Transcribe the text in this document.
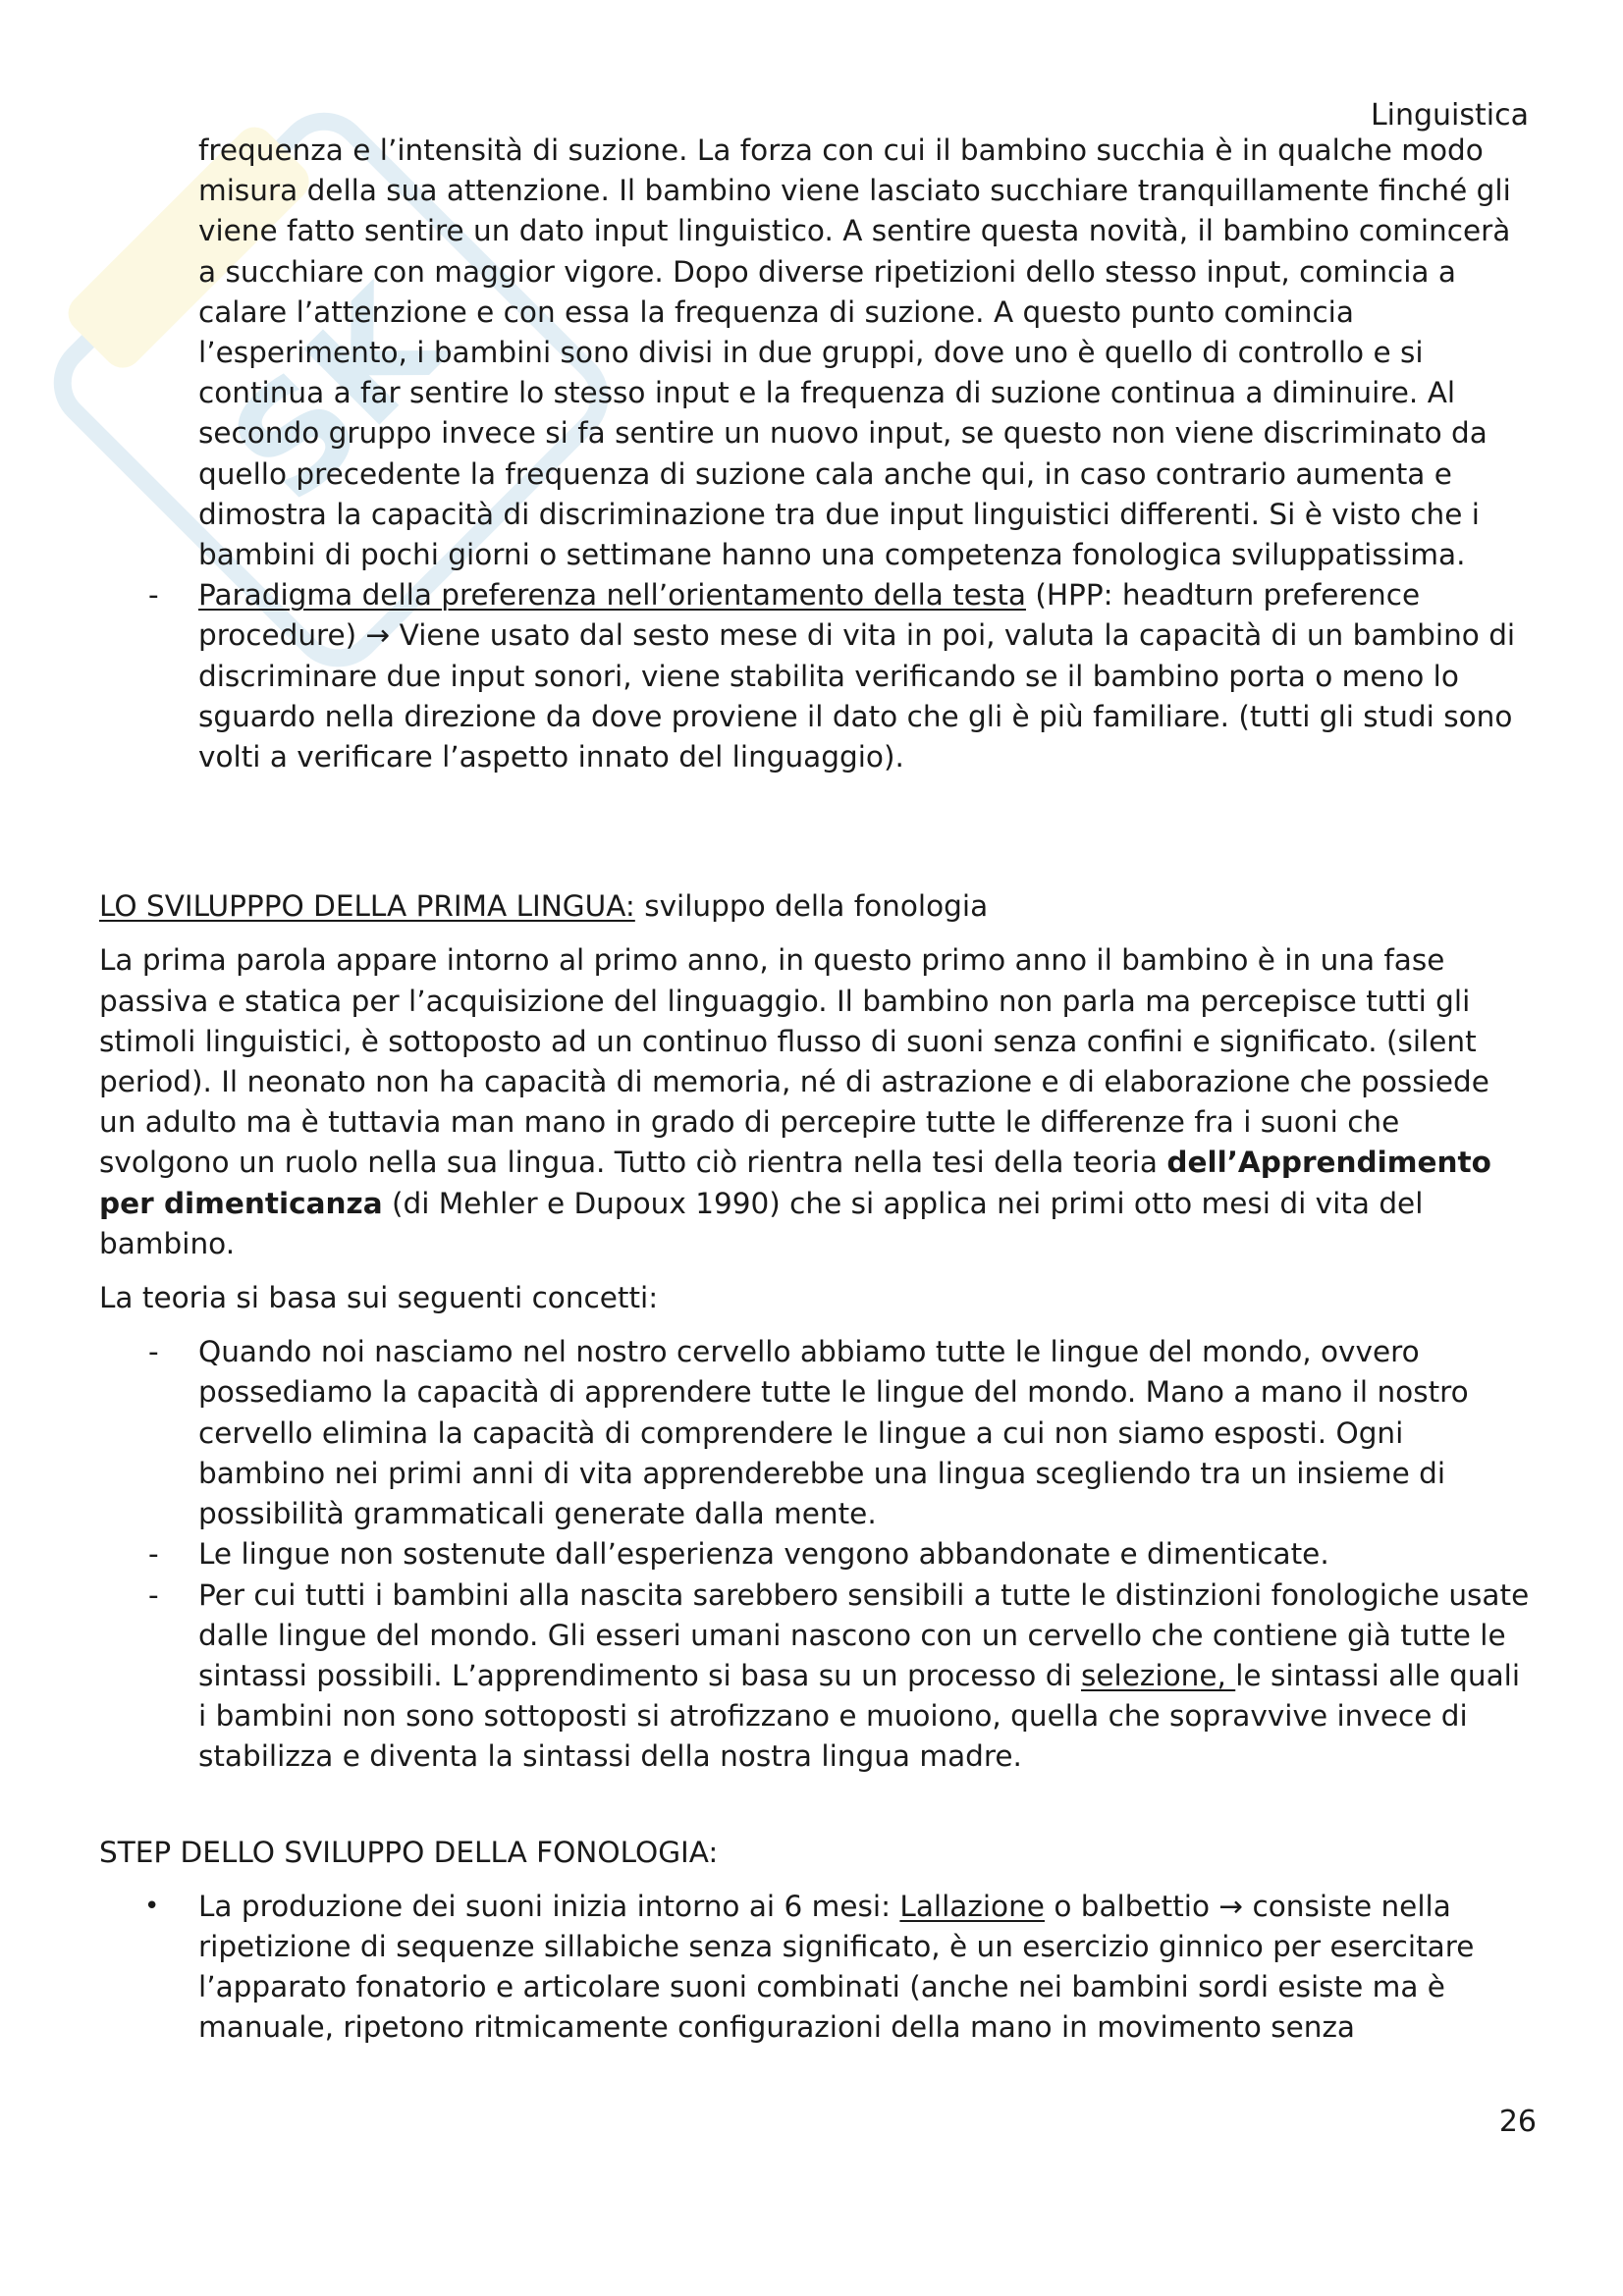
SK
Linguistica

frequenza e l’intensità di suzione. La forza con cui il bambino succhia è in qualche modo misura della sua attenzione. Il bambino viene lasciato succhiare tranquillamente finché gli viene fatto sentire un dato input linguistico. A sentire questa novità, il bambino comincerà a succhiare con maggior vigore. Dopo diverse ripetizioni dello stesso input, comincia a calare l’attenzione e con essa la frequenza di suzione. A questo punto comincia l’esperimento, i bambini sono divisi in due gruppi, dove uno è quello di controllo e si continua a far sentire lo stesso input e la frequenza di suzione continua a diminuire. Al secondo gruppo invece si fa sentire un nuovo input, se questo non viene discriminato da quello precedente la frequenza di suzione cala anche qui, in caso contrario aumenta e dimostra la capacità di discriminazione tra due input linguistici differenti. Si è visto che i bambini di pochi giorni o settimane hanno una competenza fonologica sviluppatissima.

- Paradigma della preferenza nell’orientamento della testa (HPP: headturn preference procedure) → Viene usato dal sesto mese di vita in poi, valuta la capacità di un bambino di discriminare due input sonori, viene stabilita verificando se il bambino porta o meno lo sguardo nella direzione da dove proviene il dato che gli è più familiare. (tutti gli studi sono volti a verificare l’aspetto innato del linguaggio).

LO SVILUPPPO DELLA PRIMA LINGUA: sviluppo della fonologia

La prima parola appare intorno al primo anno, in questo primo anno il bambino è in una fase passiva e statica per l’acquisizione del linguaggio. Il bambino non parla ma percepisce tutti gli stimoli linguistici, è sottoposto ad un continuo flusso di suoni senza confini e significato. (silent period). Il neonato non ha capacità di memoria, né di astrazione e di elaborazione che possiede un adulto ma è tuttavia man mano in grado di percepire tutte le differenze fra i suoni che svolgono un ruolo nella sua lingua. Tutto ciò rientra nella tesi della teoria dell’Apprendimento per dimenticanza (di Mehler e Dupoux 1990) che si applica nei primi otto mesi di vita del bambino.

La teoria si basa sui seguenti concetti:

- Quando noi nasciamo nel nostro cervello abbiamo tutte le lingue del mondo, ovvero possediamo la capacità di apprendere tutte le lingue del mondo. Mano a mano il nostro cervello elimina la capacità di comprendere le lingue a cui non siamo esposti. Ogni bambino nei primi anni di vita apprenderebbe una lingua scegliendo tra un insieme di possibilità grammaticali generate dalla mente.

- Le lingue non sostenute dall’esperienza vengono abbandonate e dimenticate.

- Per cui tutti i bambini alla nascita sarebbero sensibili a tutte le distinzioni fonologiche usate dalle lingue del mondo. Gli esseri umani nascono con un cervello che contiene già tutte le sintassi possibili. L’apprendimento si basa su un processo di selezione, le sintassi alle quali i bambini non sono sottoposti si atrofizzano e muoiono, quella che sopravvive invece di stabilizza e diventa la sintassi della nostra lingua madre.

STEP DELLO SVILUPPO DELLA FONOLOGIA:

• La produzione dei suoni inizia intorno ai 6 mesi: Lallazione o balbettio → consiste nella ripetizione di sequenze sillabiche senza significato, è un esercizio ginnico per esercitare l’apparato fonatorio e articolare suoni combinati (anche nei bambini sordi esiste ma è manuale, ripetono ritmicamente configurazioni della mano in movimento senza

26
